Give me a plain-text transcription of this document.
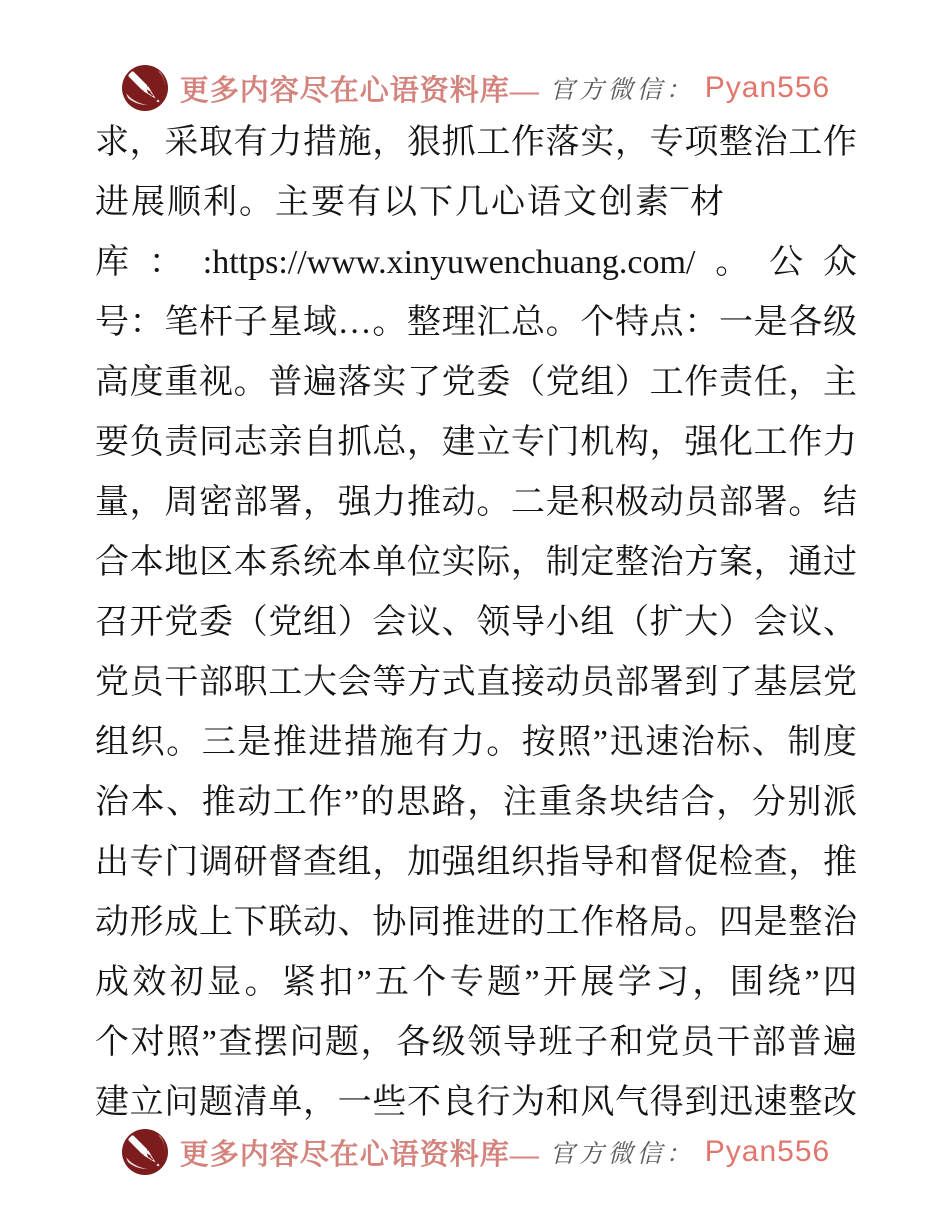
更多内容尽在心语资料库— 官方微信： Pyan556
求，采取有力措施，狠抓工作落实，专项整治工作
进展顺利。主要有以下几心语文创素¯材
库：:https://www.xinyuwenchuang.com/。公众
号：笔杆子星域…。整理汇总。个特点：一是各级
高度重视。普遍落实了党委（党组）工作责任，主
要负责同志亲自抓总，建立专门机构，强化工作力
量，周密部署，强力推动。二是积极动员部署。结
合本地区本系统本单位实际，制定整治方案，通过
召开党委（党组）会议、领导小组（扩大）会议、
党员干部职工大会等方式直接动员部署到了基层党
组织。三是推进措施有力。按照”迅速治标、制度
治本、推动工作”的思路，注重条块结合，分别派
出专门调研督查组，加强组织指导和督促检查，推
动形成上下联动、协同推进的工作格局。四是整治
成效初显。紧扣”五个专题”开展学习，围绕”四
个对照”查摆问题，各级领导班子和党员干部普遍
建立问题清单，一些不良行为和风气得到迅速整改
更多内容尽在心语资料库— 官方微信： Pyan556
